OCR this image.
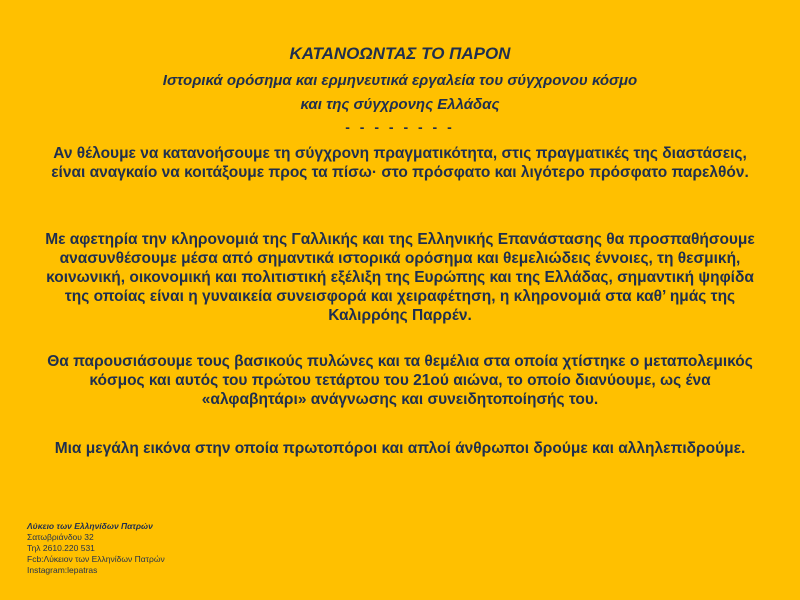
ΚΑΤΑΝΟΩΝΤΑΣ ΤΟ ΠΑΡΟΝ
Ιστορικά ορόσημα και ερμηνευτικά εργαλεία του σύγχρονου κόσμο
και της σύγχρονης Ελλάδας
- - - - - - - -
Αν θέλουμε να κατανοήσουμε τη σύγχρονη πραγματικότητα, στις πραγματικές της διαστάσεις, είναι αναγκαίο να κοιτάξουμε προς τα πίσω· στο πρόσφατο και λιγότερο πρόσφατο παρελθόν.
Με αφετηρία την κληρονομιά της Γαλλικής και της Ελληνικής Επανάστασης θα προσπαθήσουμε ανασυνθέσουμε μέσα από σημαντικά ιστορικά ορόσημα και θεμελιώδεις έννοιες, τη θεσμική, κοινωνική, οικονομική και πολιτιστική εξέλιξη της Ευρώπης και της Ελλάδας, σημαντική ψηφίδα της οποίας είναι η γυναικεία συνεισφορά και χειραφέτηση, η κληρονομιά στα καθ’ ημάς της Καλιρρόης Παρρέν.
Θα παρουσιάσουμε τους βασικούς πυλώνες και τα θεμέλια στα οποία χτίστηκε ο μεταπολεμικός κόσμος και αυτός του πρώτου τετάρτου του 21ού αιώνα, το οποίο διανύουμε, ως ένα «αλφαβητάρι» ανάγνωσης και συνειδητοποίησής του.
Μια μεγάλη εικόνα στην οποία πρωτοπόροι και απλοί άνθρωποι δρούμε και αλληλεπιδρούμε.
Λύκειο των Ελληνίδων Πατρών
Σατωβριάνδου 32
Τηλ 2610.220 531
Fcb:Λύκειον των Ελληνίδων Πατρών
Instagram:lepatras
